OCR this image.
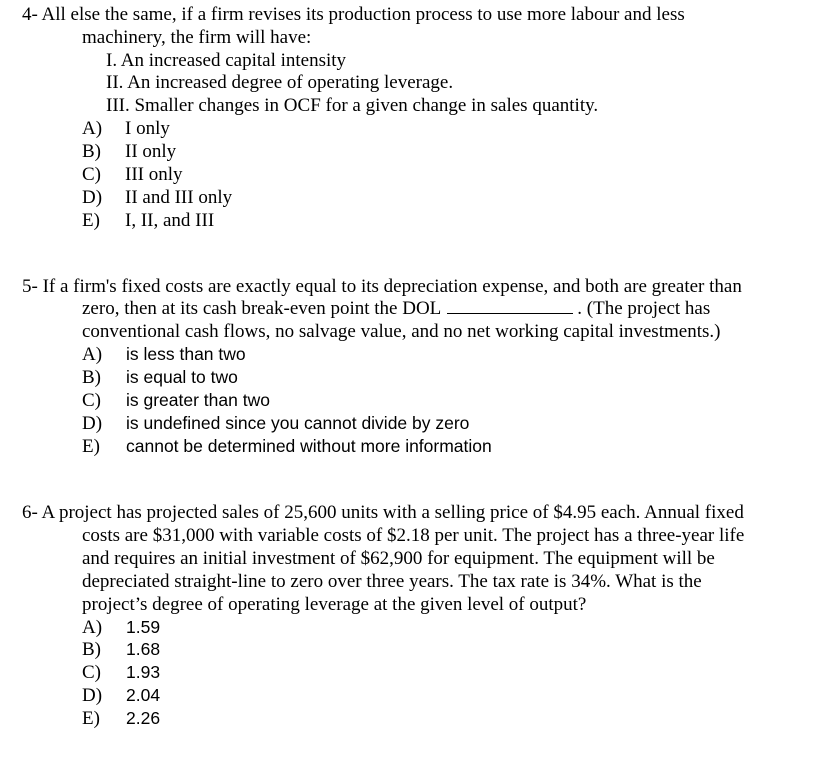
4- All else the same, if a firm revises its production process to use more labour and less
machinery, the firm will have:
I. An increased capital intensity
II. An increased degree of operating leverage.
III. Smaller changes in OCF for a given change in sales quantity.
A) I only
B) II only
C) III only
D) II and III only
E) I, II, and III
5- If a firm's fixed costs are exactly equal to its depreciation expense, and both are greater than
zero, then at its cash break-even point the DOL	. (The project has
conventional cash flows, no salvage value, and no net working capital investments.)
A) is less than two
B) is equal to two
C) is greater than two
D) is undefined since you cannot divide by zero
E) cannot be determined without more information
6- A project has projected sales of 25,600 units with a selling price of $4.95 each. Annual fixed
costs are $31,000 with variable costs of $2.18 per unit. The project has a three-year life
and requires an initial investment of $62,900 for equipment. The equipment will be
depreciated straight-line to zero over three years. The tax rate is 34%. What is the
project’s degree of operating leverage at the given level of output?
A) 1.59
B) 1.68
C) 1.93
D) 2.04
E) 2.26
